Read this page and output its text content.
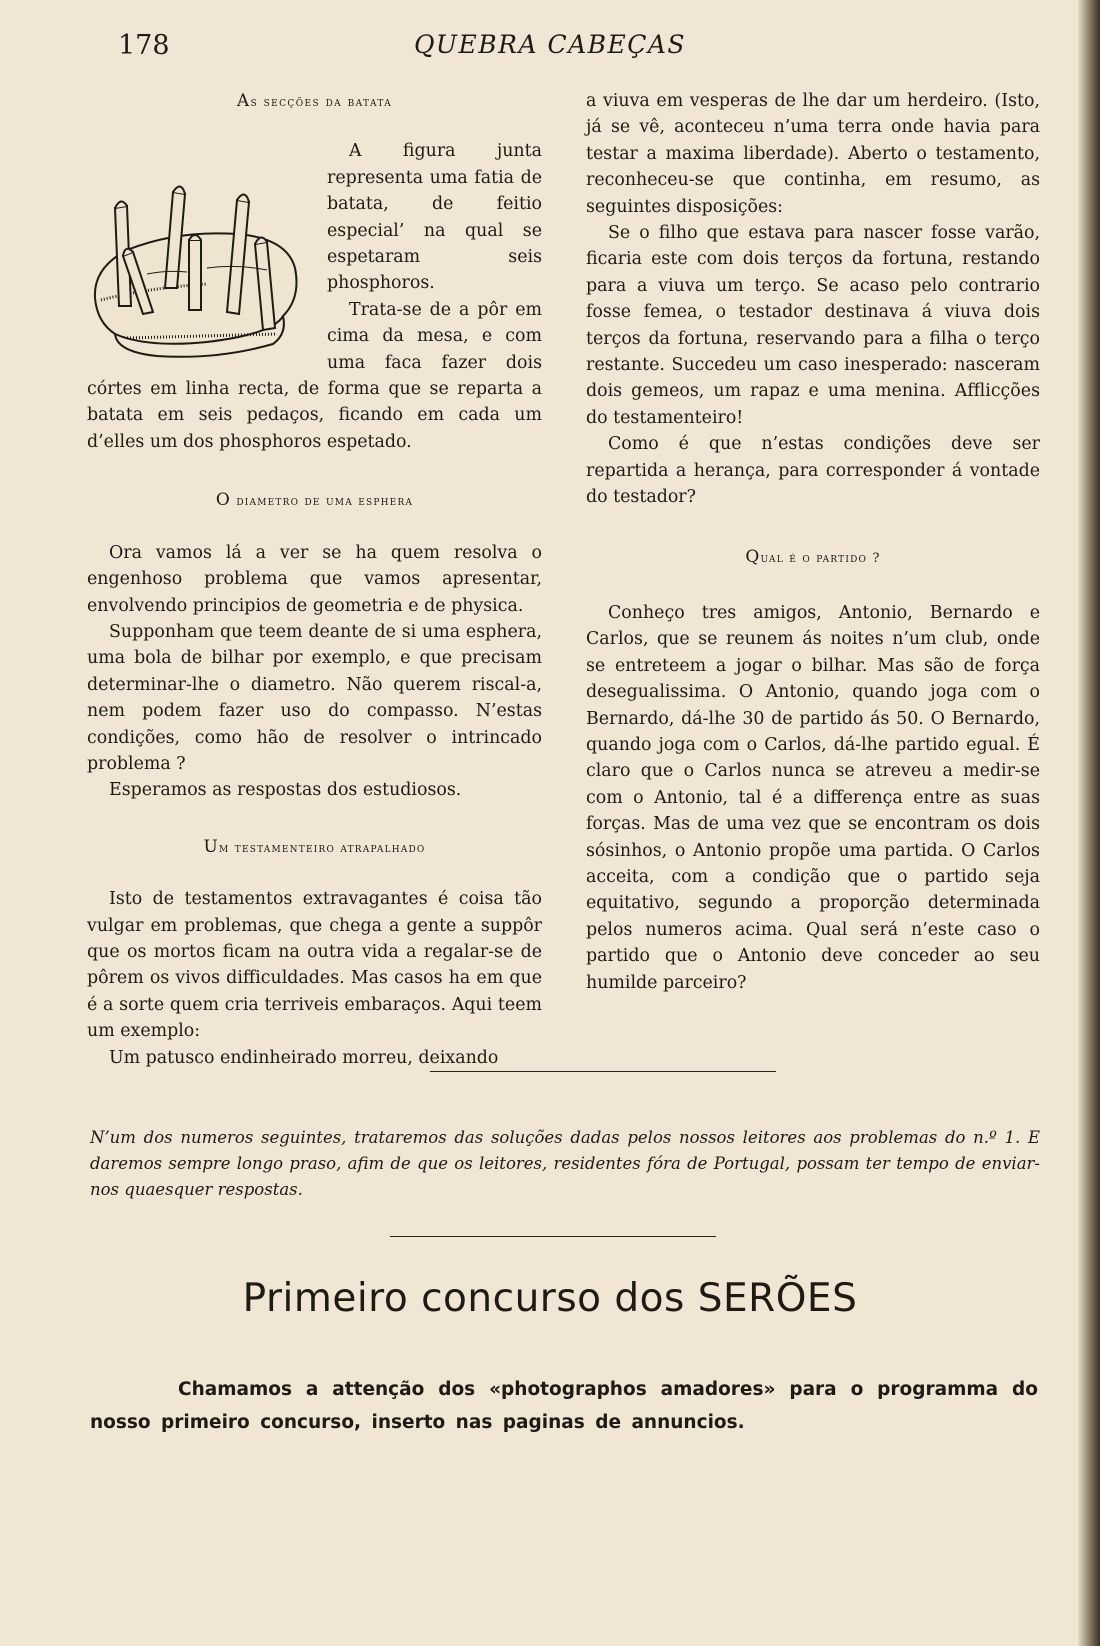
178	QUEBRA CABEÇAS
As secções da batata

A figura junta representa uma fatia de batata, de feitio especial’ na qual se espetaram seis phosphoros.

Trata-se de a pôr em cima da mesa, e com uma faca fazer dois córtes em linha recta, de forma que se reparta a batata em seis pedaços, ficando em cada um d’elles um dos phosphoros espetado.

O diametro de uma esphera

Ora vamos lá a ver se ha quem resolva o engenhoso problema que vamos apresentar, envolvendo principios de geometria e de physica.

Supponham que teem deante de si uma esphera, uma bola de bilhar por exemplo, e que precisam determinar-lhe o diametro. Não querem riscal-a, nem podem fazer uso do compasso. N’estas condições, como hão de resolver o intrincado problema ?

Esperamos as respostas dos estudiosos.

Um testamenteiro atrapalhado

Isto de testamentos extravagantes é coisa tão vulgar em problemas, que chega a gente a suppôr que os mortos ficam na outra vida a regalar-se de pôrem os vivos difficuldades. Mas casos ha em que é a sorte quem cria terriveis embaraços. Aqui teem um exemplo:

Um patusco endinheirado morreu, deixando

a viuva em vesperas de lhe dar um herdeiro. (Isto, já se vê, aconteceu n’uma terra onde havia para testar a maxima liberdade). Aberto o testamento, reconheceu-se que continha, em resumo, as seguintes disposições:

Se o filho que estava para nascer fosse varão, ficaria este com dois terços da fortuna, restando para a viuva um terço. Se acaso pelo contrario fosse femea, o testador destinava á viuva dois terços da fortuna, reservando para a filha o terço restante. Succedeu um caso inesperado: nasceram dois gemeos, um rapaz e uma menina. Afflicções do testamenteiro!

Como é que n’estas condições deve ser repartida a herança, para corresponder á vontade do testador?

Qual é o partido ?

Conheço tres amigos, Antonio, Bernardo e Carlos, que se reunem ás noites n’um club, onde se entreteem a jogar o bilhar. Mas são de força desegualissima. O Antonio, quando joga com o Bernardo, dá-lhe 30 de partido ás 50. O Bernardo, quando joga com o Carlos, dá-lhe partido egual. É claro que o Carlos nunca se atreveu a medir-se com o Antonio, tal é a differença entre as suas forças. Mas de uma vez que se encontram os dois sósinhos, o Antonio propõe uma partida. O Carlos acceita, com a condição que o partido seja equitativo, segundo a proporção determinada pelos numeros acima. Qual será n’este caso o partido que o Antonio deve conceder ao seu humilde parceiro?

N’um dos numeros seguintes, trataremos das soluções dadas pelos nossos leitores aos problemas do n.º 1. E daremos sempre longo praso, afim de que os leitores, residentes fóra de Portugal, possam ter tempo de enviar-nos quaesquer respostas.

Primeiro concurso dos SERÕES

Chamamos a attenção dos «photographos amadores» para o programma do nosso primeiro concurso, inserto nas paginas de annuncios.
